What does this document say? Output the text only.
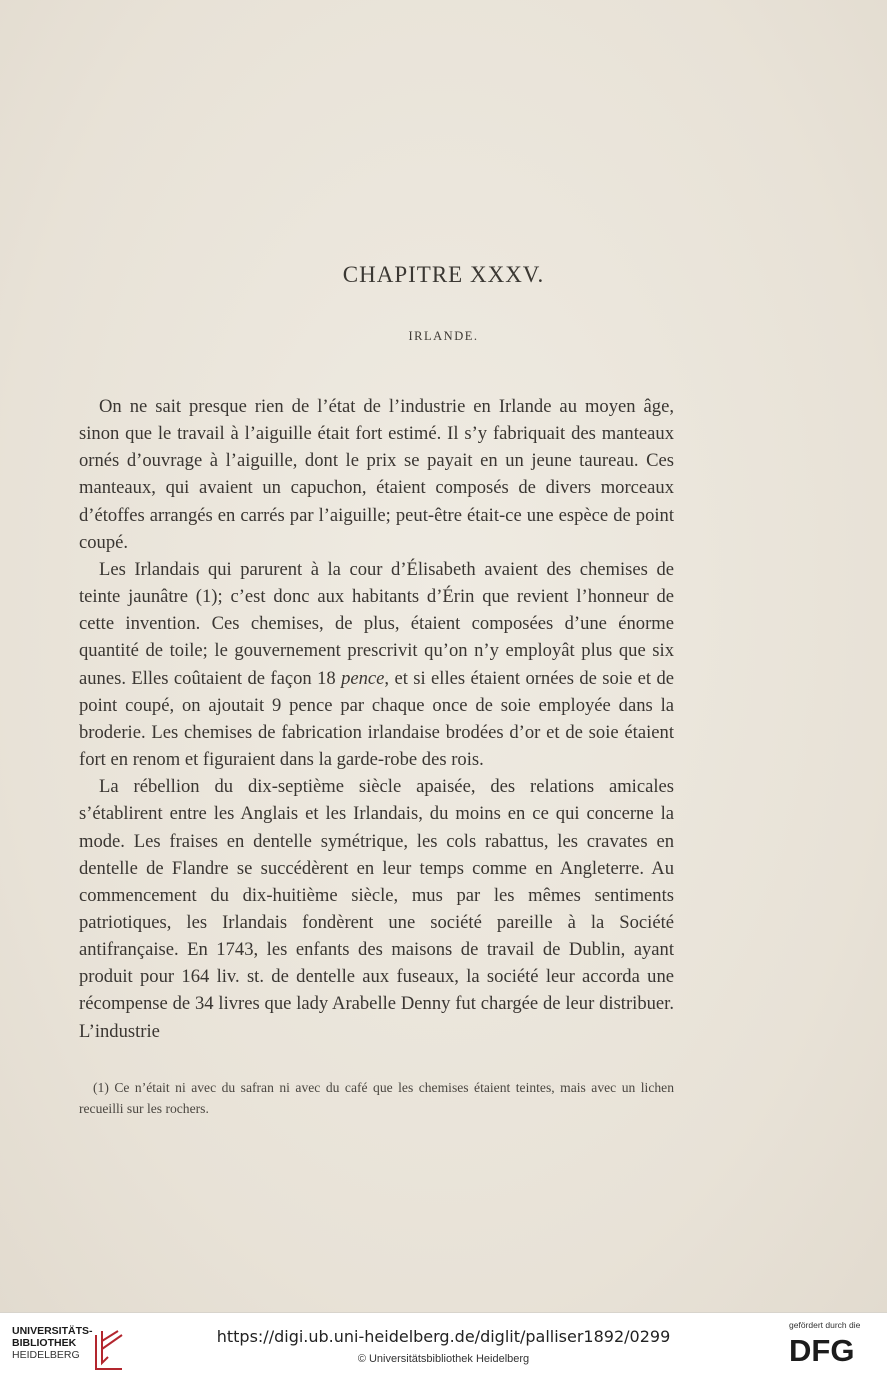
CHAPITRE XXXV.
IRLANDE.

On ne sait presque rien de l’état de l’industrie en Irlande au moyen âge, sinon que le travail à l’aiguille était fort estimé. Il s’y fabriquait des manteaux ornés d’ouvrage à l’aiguille, dont le prix se payait en un jeune taureau. Ces manteaux, qui avaient un capuchon, étaient composés de divers morceaux d’étoffes arrangés en carrés par l’aiguille; peut-être était-ce une espèce de point coupé.

Les Irlandais qui parurent à la cour d’Élisabeth avaient des chemises de teinte jaunâtre (1); c’est donc aux habitants d’Érin que revient l’honneur de cette invention. Ces chemises, de plus, étaient composées d’une énorme quantité de toile; le gouvernement prescrivit qu’on n’y employât plus que six aunes. Elles coûtaient de façon 18 pence, et si elles étaient ornées de soie et de point coupé, on ajoutait 9 pence par chaque once de soie employée dans la broderie. Les chemises de fabrication irlandaise brodées d’or et de soie étaient fort en renom et figuraient dans la garde-robe des rois.

La rébellion du dix-septième siècle apaisée, des relations amicales s’établirent entre les Anglais et les Irlandais, du moins en ce qui concerne la mode. Les fraises en dentelle symétrique, les cols rabattus, les cravates en dentelle de Flandre se succédèrent en leur temps comme en Angleterre. Au commencement du dix-huitième siècle, mus par les mêmes sentiments patriotiques, les Irlandais fondèrent une société pareille à la Société antifrançaise. En 1743, les enfants des maisons de travail de Dublin, ayant produit pour 164 liv. st. de dentelle aux fuseaux, la société leur accorda une récompense de 34 livres que lady Arabelle Denny fut chargée de leur distribuer. L’industrie

(1) Ce n’était ni avec du safran ni avec du café que les chemises étaient teintes, mais avec un lichen recueilli sur les rochers.
UNIVERSITÄTS-
BIBLIOTHEK
HEIDELBERG
https://digi.ub.uni-heidelberg.de/diglit/palliser1892/0299
© Universitätsbibliothek Heidelberg
gefördert durch die
DFG
